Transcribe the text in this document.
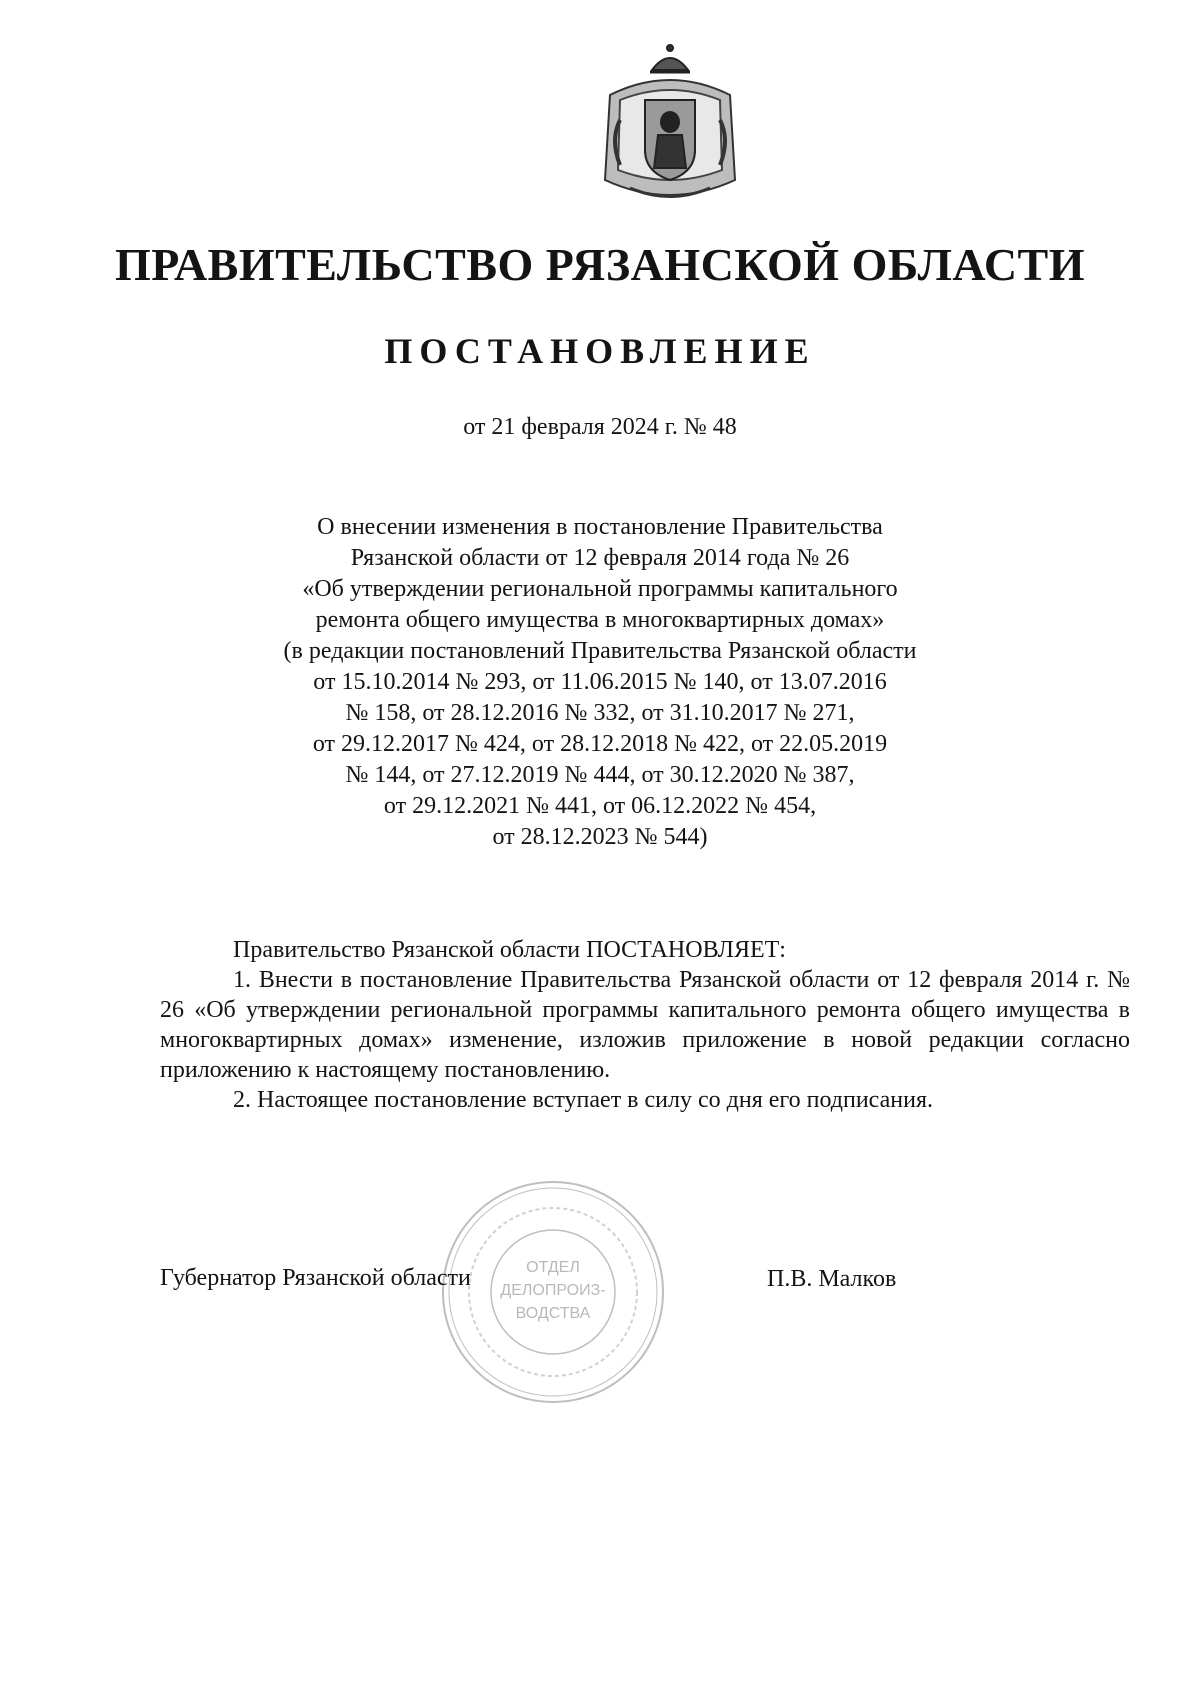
ПРАВИТЕЛЬСТВО РЯЗАНСКОЙ ОБЛАСТИ
ПОСТАНОВЛЕНИЕ

от 21 февраля 2024 г. № 48

О внесении изменения в постановление Правительства
Рязанской области от 12 февраля 2014 года № 26
«Об утверждении региональной программы капитального
ремонта общего имущества в многоквартирных домах»
(в редакции постановлений Правительства Рязанской области
от 15.10.2014 № 293, от 11.06.2015 № 140, от 13.07.2016
№ 158, от 28.12.2016 № 332, от 31.10.2017 № 271,
от 29.12.2017 № 424, от 28.12.2018 № 422, от 22.05.2019
№ 144, от 27.12.2019 № 444, от 30.12.2020 № 387,
от 29.12.2021 № 441, от 06.12.2022 № 454,
от 28.12.2023 № 544)

Правительство Рязанской области ПОСТАНОВЛЯЕТ:

1. Внести в постановление Правительства Рязанской области от 12 февраля 2014 г. № 26 «Об утверждении региональной программы капитального ремонта общего имущества в многоквартирных домах» изменение, изложив приложение в новой редакции согласно приложению к настоящему постановлению.

2. Настоящее постановление вступает в силу со дня его подписания.

ОТДЕЛ
ДЕЛОПРОИЗ-
ВОДСТВА

Губернатор Рязанской области	П.В. Малков
